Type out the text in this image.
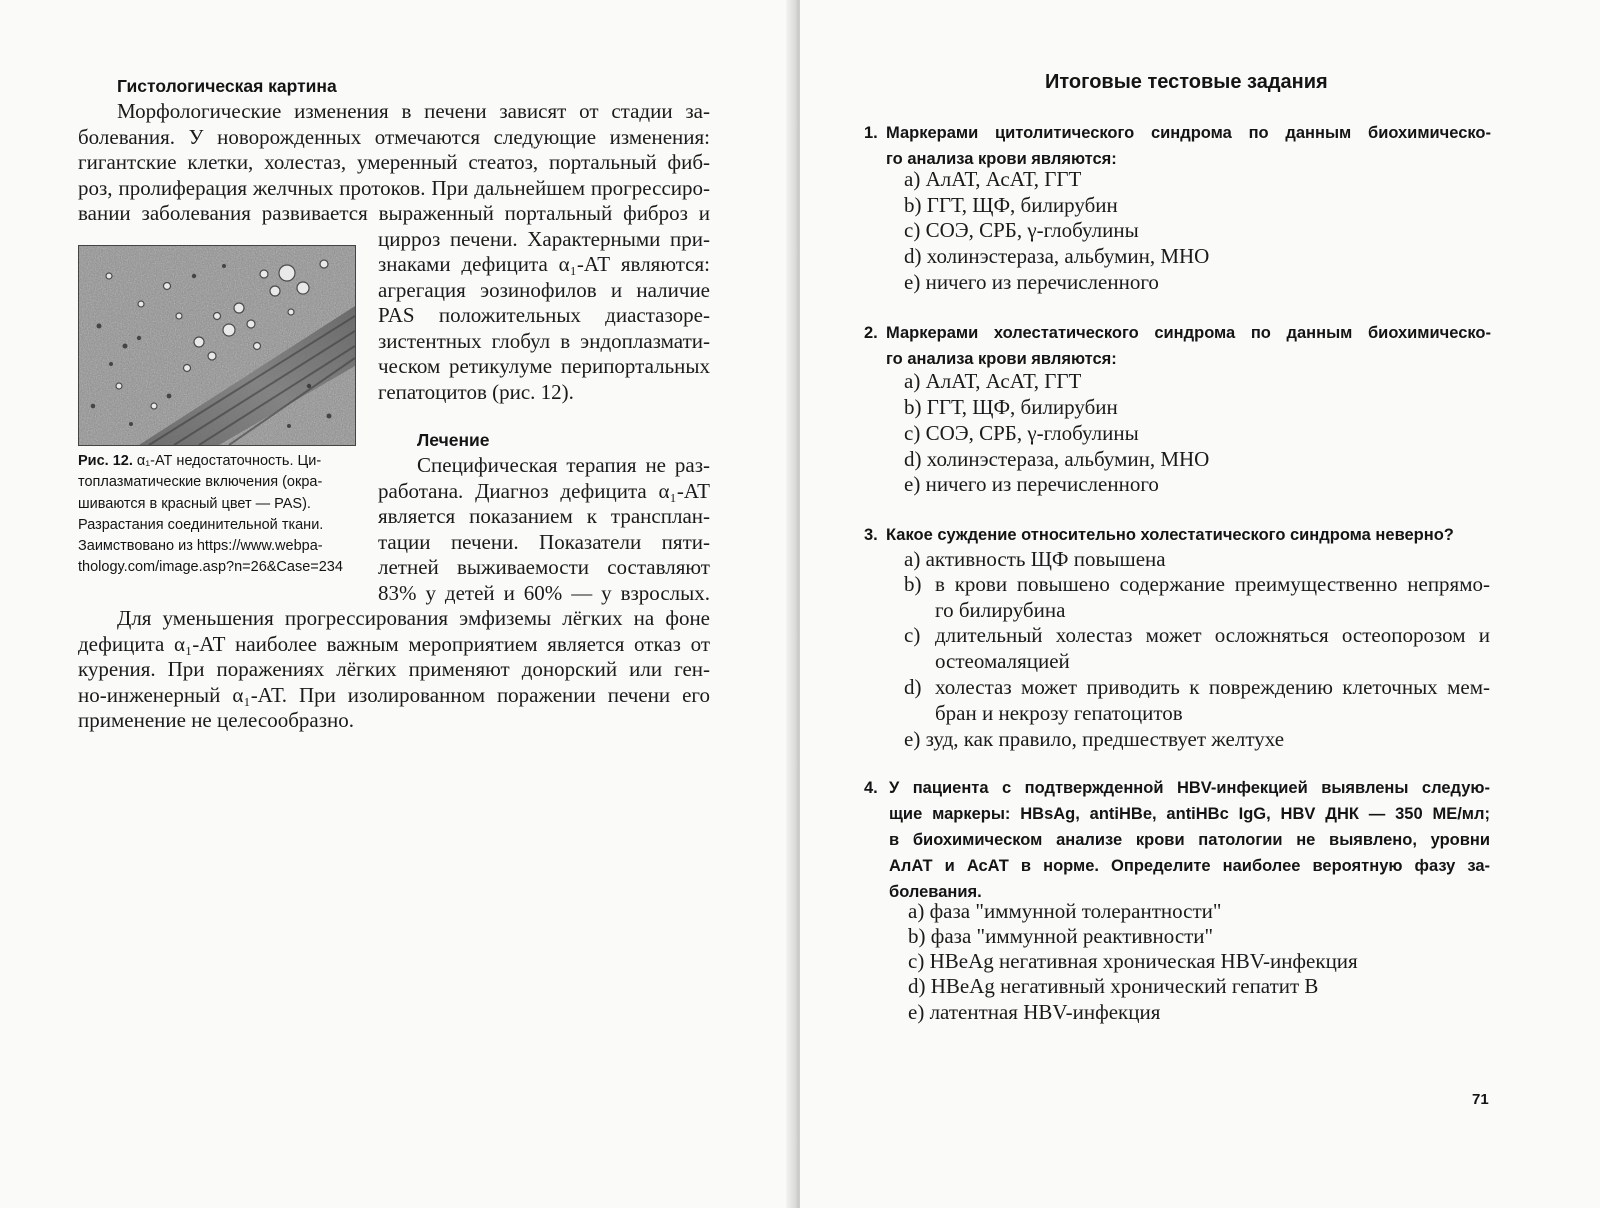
Гистологическая картина
Морфологические изменения в печени зависят от стадии за-
болевания. У новорожденных отмечаются следующие изменения:
гигантские клетки, холестаз, умеренный стеатоз, портальный фиб-
роз, пролиферация желчных протоков. При дальнейшем прогрессиро-
вании заболевания развивается выраженный портальный фиброз и
цирроз печени. Характерными при-
знаками дефицита α₁-АТ являются:
агрегация эозинофилов и наличие
PAS положительных диастазоре-
зистентных глобул в эндоплазмати-
ческом ретикулуме перипортальных
гепатоцитов (рис. 12).
Рис. 12. α₁-АТ недостаточность. Ци-
топлазматические включения (окра-
шиваются в красный цвет — PAS).
Разрастания соединительной ткани.
Заимствовано из https://www.webpa-
thology.com/image.asp?n=26&Case=234
Лечение
Специфическая терапия не раз-
работана. Диагноз дефицита α₁-АТ
является показанием к трансплан-
тации печени. Показатели пяти-
летней выживаемости составляют
83% у детей и 60% — у взрослых.
Для уменьшения прогрессирования эмфиземы лёгких на фоне
дефицита α₁-АТ наиболее важным мероприятием является отказ от
курения. При поражениях лёгких применяют донорский или ген-
но-инженерный α₁-АТ. При изолированном поражении печени его
применение не целесообразно.
Итоговые тестовые задания
1. Маркерами цитолитического синдрома по данным биохимическо-
го анализа крови являются:
a) АлАТ, АсАТ, ГГТ
b) ГГТ, ЩФ, билирубин
c) СОЭ, СРБ, γ-глобулины
d) холинэстераза, альбумин, МНО
e) ничего из перечисленного
2. Маркерами холестатического синдрома по данным биохимическо-
го анализа крови являются:
a) АлАТ, АсАТ, ГГТ
b) ГГТ, ЩФ, билирубин
c) СОЭ, СРБ, γ-глобулины
d) холинэстераза, альбумин, МНО
e) ничего из перечисленного
3. Какое суждение относительно холестатического синдрома неверно?
a) активность ЩФ повышена
b) в крови повышено содержание преимущественно непрямо-
го билирубина
c) длительный холестаз может осложняться остеопорозом и
остеомаляцией
d) холестаз может приводить к повреждению клеточных мем-
бран и некрозу гепатоцитов
e) зуд, как правило, предшествует желтухе
4. У пациента с подтвержденной HBV-инфекцией выявлены следую-
щие маркеры: HBsAg, antiHBe, antiHBc IgG, HBV ДНК — 350 МЕ/мл;
в биохимическом анализе крови патологии не выявлено, уровни
АлАТ и АсАТ в норме. Определите наиболее вероятную фазу за-
болевания.
a) фаза "иммунной толерантности"
b) фаза "иммунной реактивности"
c) HBeAg негативная хроническая HBV-инфекция
d) HBeAg негативный хронический гепатит B
e) латентная HBV-инфекция
71
